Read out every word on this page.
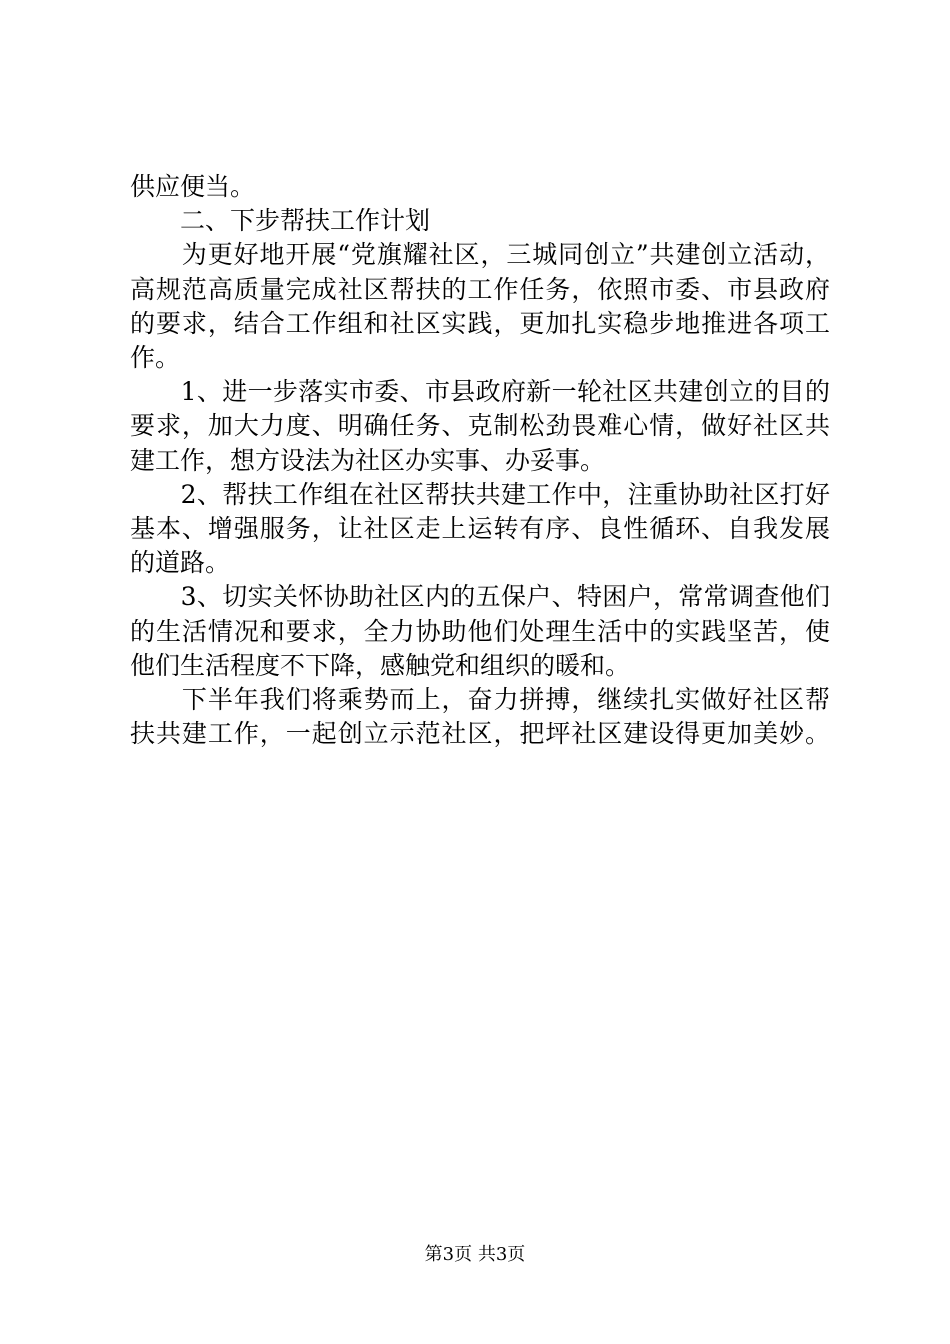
供应便当。
　　二、下步帮扶工作计划
　　为更好地开展“党旗耀社区，三城同创立”共建创立活动，
高规范高质量完成社区帮扶的工作任务，依照市委、市县政府
的要求，结合工作组和社区实践，更加扎实稳步地推进各项工
作。
　　1、进一步落实市委、市县政府新一轮社区共建创立的目的
要求，加大力度、明确任务、克制松劲畏难心情，做好社区共
建工作，想方设法为社区办实事、办妥事。
　　2、帮扶工作组在社区帮扶共建工作中，注重协助社区打好
基本、增强服务，让社区走上运转有序、良性循环、自我发展
的道路。
　　3、切实关怀协助社区内的五保户、特困户，常常调查他们
的生活情况和要求，全力协助他们处理生活中的实践坚苦，使
他们生活程度不下降，感触党和组织的暖和。
　　下半年我们将乘势而上，奋力拼搏，继续扎实做好社区帮
扶共建工作，一起创立示范社区，把坪社区建设得更加美妙。
第3页 共3页
